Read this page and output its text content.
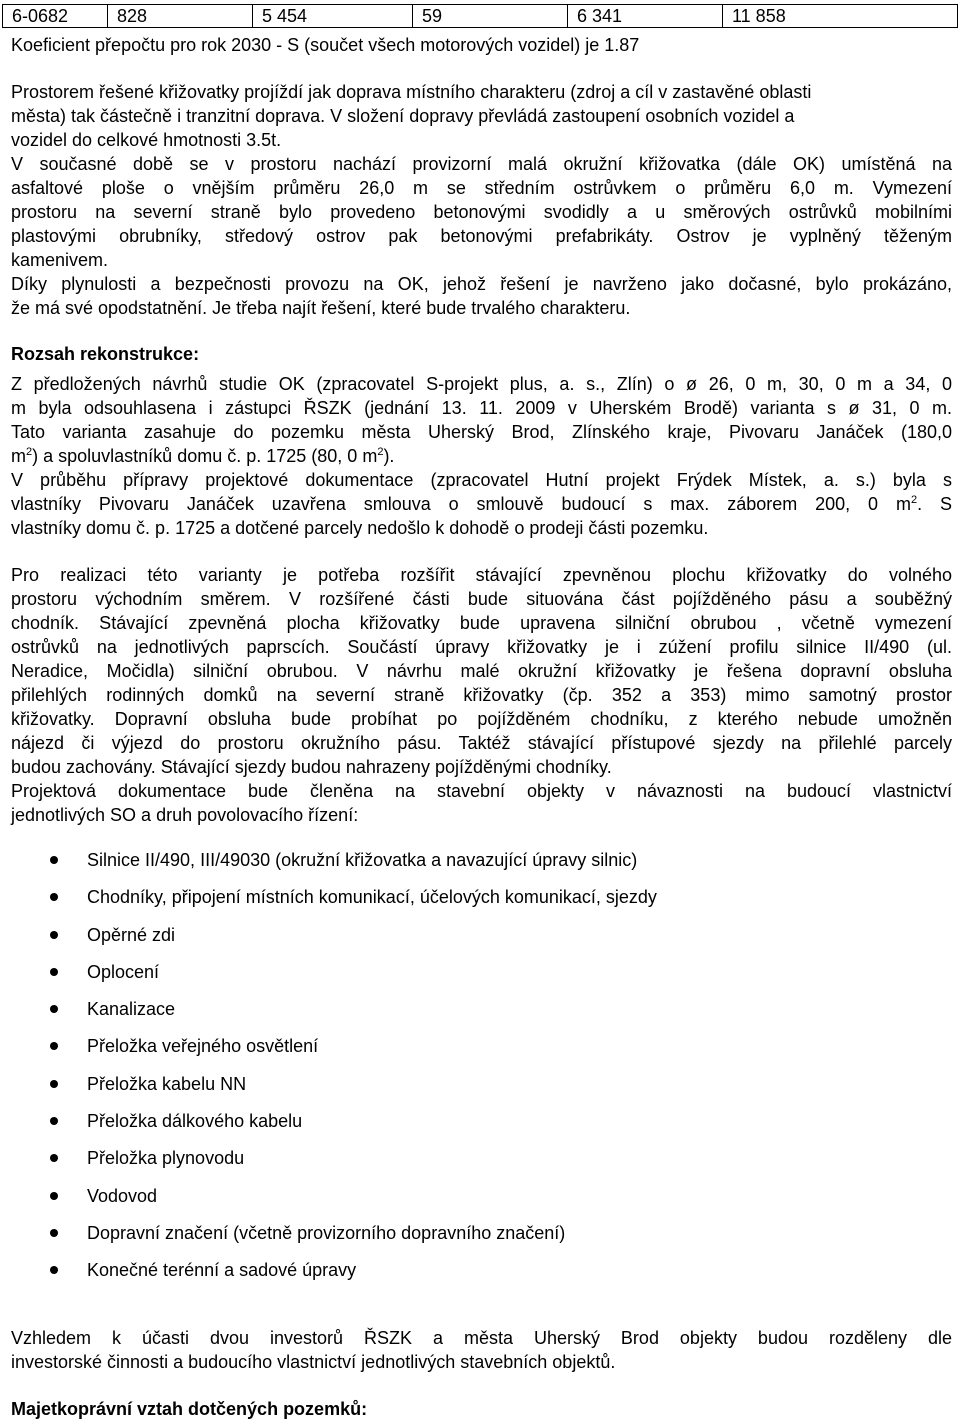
6-0682	828	5 454	59	6 341	11 858
Koeficient přepočtu pro rok 2030 - S (součet všech motorových vozidel) je 1.87
Prostorem řešené křižovatky projíždí jak doprava místního charakteru (zdroj a cíl v zastavěné oblasti
města) tak částečně i tranzitní doprava. V složení dopravy převládá zastoupení osobních vozidel a
vozidel do celkové hmotnosti 3.5t.
V současné době se v prostoru nachází provizorní malá okružní křižovatka (dále OK) umístěná na
asfaltové ploše o vnějším průměru 26,0 m se středním ostrůvkem o průměru 6,0 m. Vymezení
prostoru na severní straně bylo provedeno betonovými svodidly a u směrových ostrůvků mobilními
plastovými obrubníky, středový ostrov pak betonovými prefabrikáty. Ostrov je vyplněný těženým
kamenivem.
Díky plynulosti a bezpečnosti provozu na OK, jehož řešení je navrženo jako dočasné, bylo prokázáno,
že má své opodstatnění. Je třeba najít řešení, které bude trvalého charakteru.
Rozsah rekonstrukce:
Z předložených návrhů studie OK (zpracovatel S-projekt plus, a. s., Zlín) o ø 26, 0 m, 30, 0 m a 34, 0
m byla odsouhlasena i zástupci ŘSZK (jednání 13. 11. 2009 v Uherském Brodě) varianta s ø 31, 0 m.
Tato varianta zasahuje do pozemku města Uherský Brod, Zlínského kraje, Pivovaru Janáček (180,0
$m^2$) a spoluvlastníků domu č. p. 1725 (80, 0 $m^2$).
V průběhu přípravy projektové dokumentace (zpracovatel Hutní projekt Frýdek Místek, a. s.) byla s
vlastníky Pivovaru Janáček uzavřena smlouva o smlouvě budoucí s max. záborem 200, 0 $m^2$. S
vlastníky domu č. p. 1725 a dotčené parcely nedošlo k dohodě o prodeji části pozemku.
Pro realizaci této varianty je potřeba rozšířit stávající zpevněnou plochu křižovatky do volného
prostoru východním směrem. V rozšířené části bude situována část pojížděného pásu a souběžný
chodník. Stávající zpevněná plocha křižovatky bude upravena silniční obrubou , včetně vymezení
ostrůvků na jednotlivých paprscích. Součástí úpravy křižovatky je i zúžení profilu silnice II/490 (ul.
Neradice, Močidla) silniční obrubou. V návrhu malé okružní křižovatky je řešena dopravní obsluha
přilehlých rodinných domků na severní straně křižovatky (čp. 352 a 353) mimo samotný prostor
křižovatky. Dopravní obsluha bude probíhat po pojížděném chodníku, z kterého nebude umožněn
nájezd či výjezd do prostoru okružního pásu. Taktéž stávající přístupové sjezdy na přilehlé parcely
budou zachovány. Stávající sjezdy budou nahrazeny pojížděnými chodníky.
Projektová dokumentace bude členěna na stavební objekty v návaznosti na budoucí vlastnictví
jednotlivých SO a druh povolovacího řízení:
Silnice II/490, III/49030 (okružní křižovatka a navazující úpravy silnic)
Chodníky, připojení místních komunikací, účelových komunikací, sjezdy
Opěrné zdi
Oplocení
Kanalizace
Přeložka veřejného osvětlení
Přeložka kabelu NN
Přeložka dálkového kabelu
Přeložka plynovodu
Vodovod
Dopravní značení (včetně provizorního dopravního značení)
Konečné terénní a sadové úpravy
Vzhledem k účasti dvou investorů ŘSZK a města Uherský Brod objekty budou rozděleny dle
investorské činnosti a budoucího vlastnictví jednotlivých stavebních objektů.
Majetkoprávní vztah dotčených pozemků:
